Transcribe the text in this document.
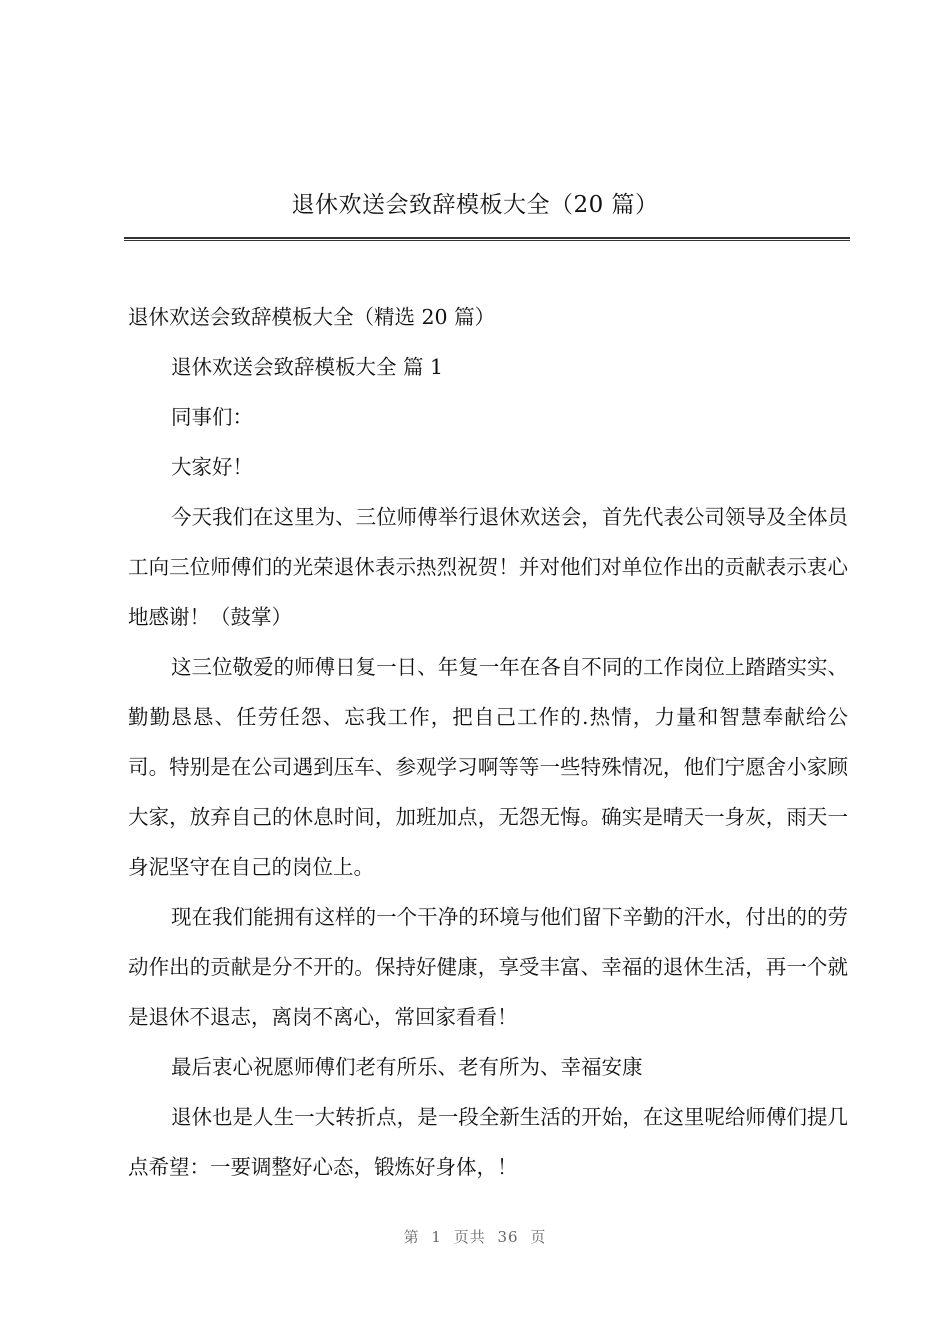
退休欢送会致辞模板大全（20 篇）

退休欢送会致辞模板大全（精选 20 篇）

退休欢送会致辞模板大全 篇 1

同事们：

大家好！

今天我们在这里为、三位师傅举行退休欢送会，首先代表公司领导及全体员工向三位师傅们的光荣退休表示热烈祝贺！并对他们对单位作出的贡献表示衷心地感谢！（鼓掌）

这三位敬爱的师傅日复一日、年复一年在各自不同的工作岗位上踏踏实实、勤勤恳恳、任劳任怨、忘我工作，把自己工作的.热情，力量和智慧奉献给公司。特别是在公司遇到压车、参观学习啊等等一些特殊情况，他们宁愿舍小家顾大家，放弃自己的休息时间，加班加点，无怨无悔。确实是晴天一身灰，雨天一身泥坚守在自己的岗位上。

现在我们能拥有这样的一个干净的环境与他们留下辛勤的汗水，付出的的劳动作出的贡献是分不开的。保持好健康，享受丰富、幸福的退休生活，再一个就是退休不退志，离岗不离心，常回家看看！

最后衷心祝愿师傅们老有所乐、老有所为、幸福安康

退休也是人生一大转折点，是一段全新生活的开始，在这里呢给师傅们提几点希望：一要调整好心态，锻炼好身体，！

第 1 页共 36 页
